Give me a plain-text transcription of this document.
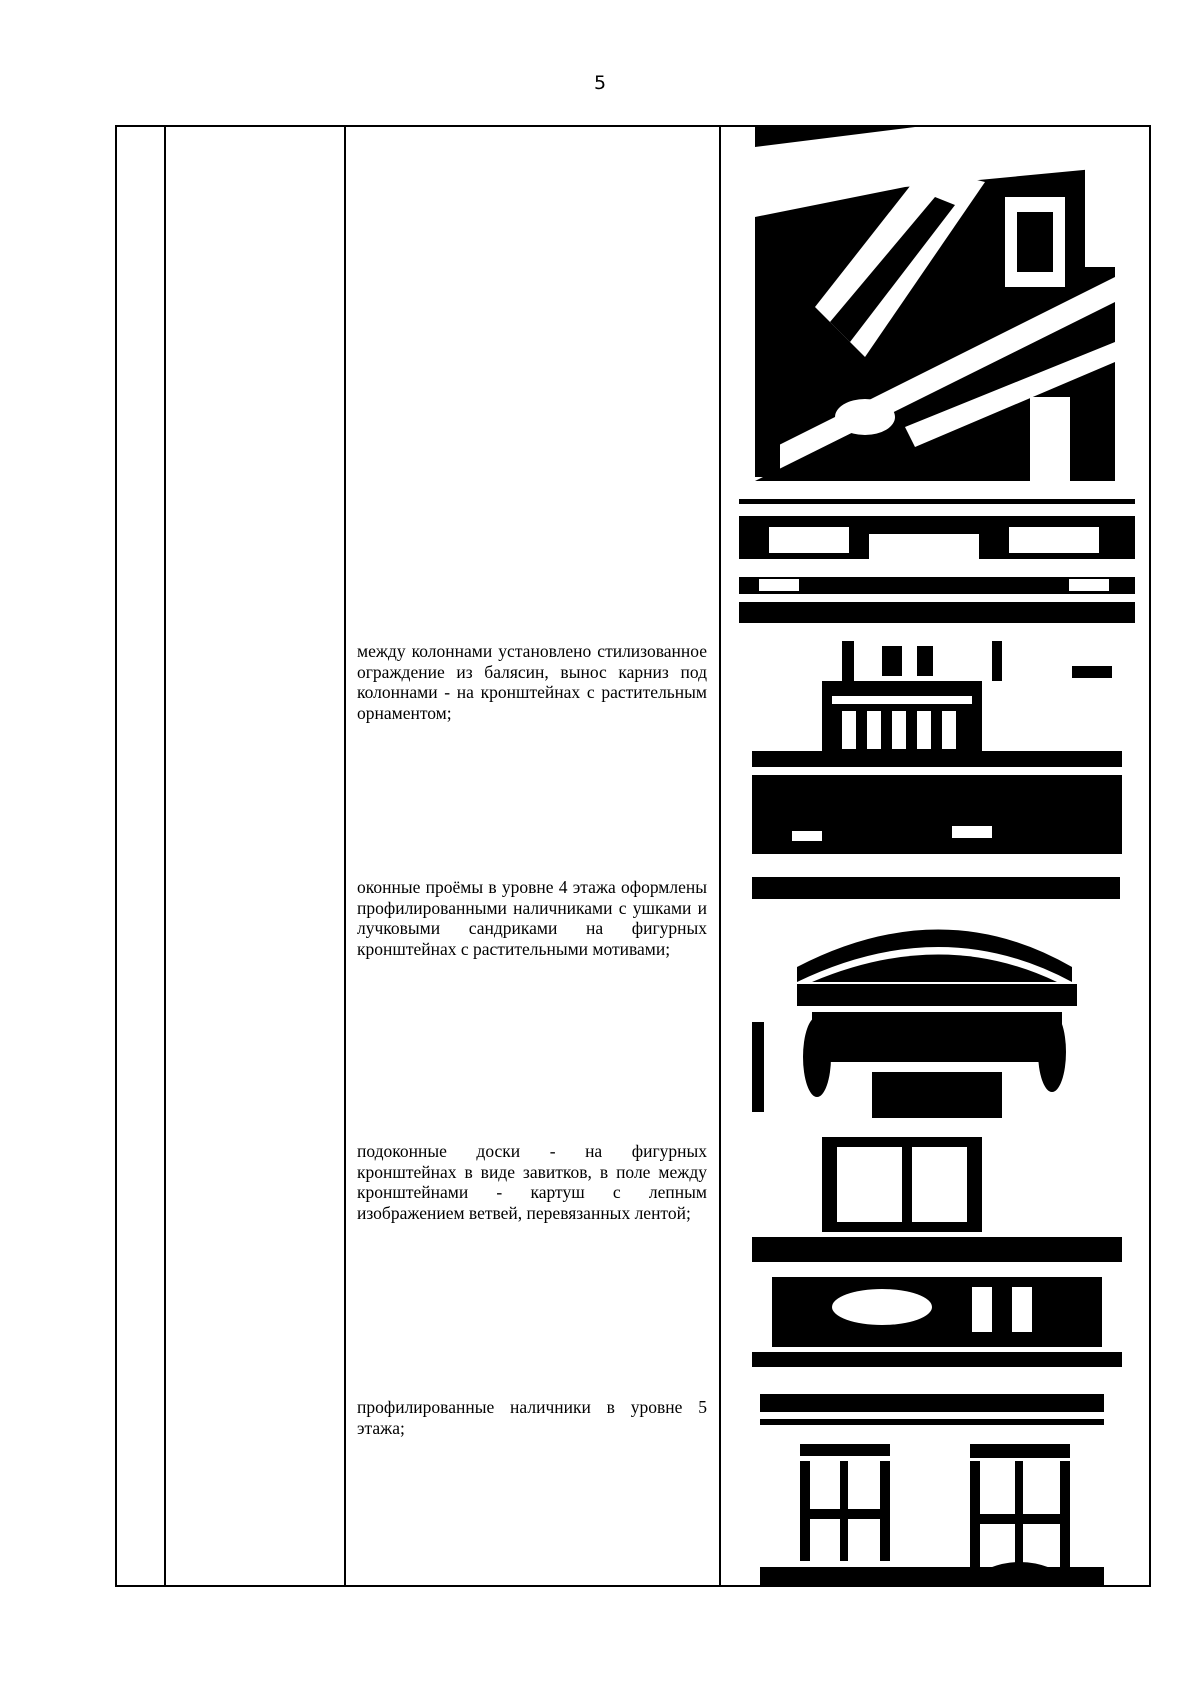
5

между колоннами установлено стилизованное ограждение из балясин, вынос карниз под колоннами - на кронштейнах с растительным орнаментом;

оконные проёмы в уровне 4 этажа оформлены профилированными наличниками с ушками и лучковыми сандриками на фигурных кронштейнах с растительными мотивами;

подоконные доски - на фигурных кронштейнах в виде завитков, в поле между кронштейнами - картуш с лепным изображением ветвей, перевязанных лентой;

профилированные наличники в уровне 5 этажа;
